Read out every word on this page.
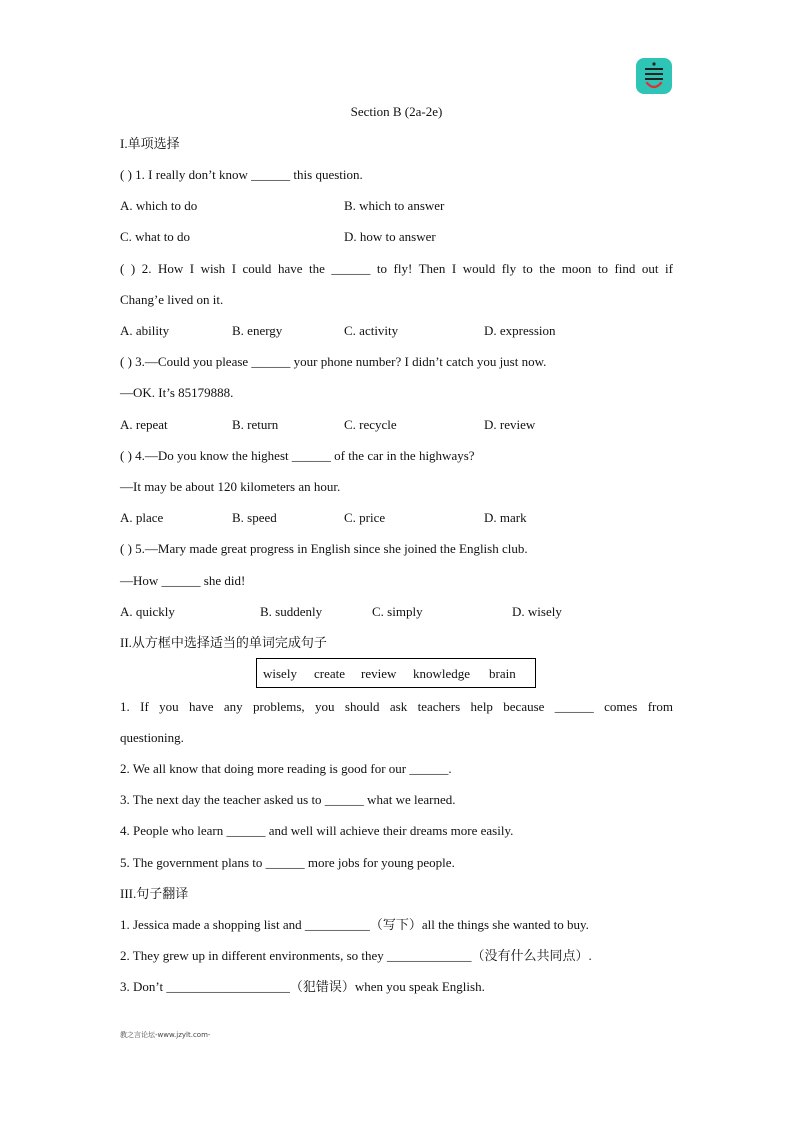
Section B (2a-2e)
I.单项选择
( ) 1. I really don’t know ______ this question.
A. which to do	B. which to answer
C. what to do	D. how to answer
( ) 2. How I wish I could have the ______ to fly! Then I would fly to the moon to find out if
Chang’e lived on it.
A. ability	B. energy	C. activity	D. expression
( ) 3.—Could you please ______ your phone number? I didn’t catch you just now.
—OK. It’s 85179888.
A. repeat	B. return	C. recycle	D. review
( ) 4.—Do you know the highest ______ of the car in the highways?
—It may be about 120 kilometers an hour.
A. place	B. speed	C. price	D. mark
( ) 5.—Mary made great progress in English since she joined the English club.
—How ______ she did!
A. quickly	B. suddenly	C. simply	D. wisely
II.从方框中选择适当的单词完成句子
wisely create review knowledge brain
1. If you have any problems, you should ask teachers help because ______ comes from
questioning.
2. We all know that doing more reading is good for our ______.
3. The next day the teacher asked us to ______ what we learned.
4. People who learn ______ and well will achieve their dreams more easily.
5. The government plans to ______ more jobs for young people.
III.句子翻译
1. Jessica made a shopping list and __________（写下）all the things she wanted to buy.
2. They grew up in different environments, so they _____________（没有什么共同点）.
3. Don’t ___________________（犯错误）when you speak English.
教之言论坛-www.jzylt.com-
